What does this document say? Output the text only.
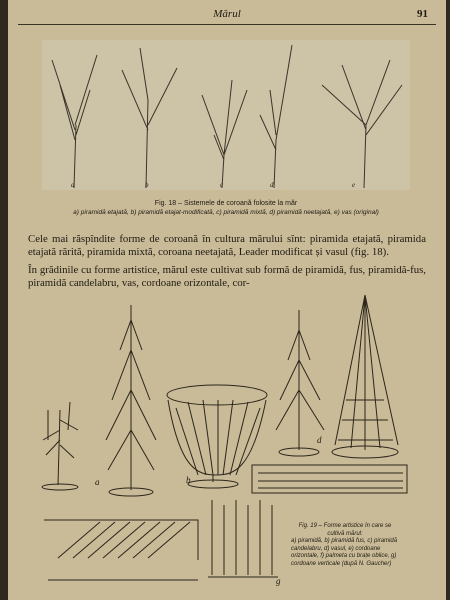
Mărul	91
a	b	c	d	e
Fig. 18 – Sistemele de coroană folosite la măr
a) piramidă etajată, b) piramidă etajat-modificată, c) piramidă mixtă, d) piramidă neetajată, e) vas (original)
Cele mai răspîndite forme de coroană în cultura mărului sînt: piramida etajată, piramida etajată rărită, piramida mixtă, coroana neetajată, Leader modificat și vasul (fig. 18).
În grădinile cu forme artistice, mărul este cultivat sub formă de piramidă, fus, piramidă-fus, piramidă candelabru, vas, cordoane orizontale, cor-
a	b
d
g
Fig. 19 – Forme artistice în care se cultivă mărul:
a) piramidă, b) piramidă fus, c) piramidă candelabru, d) vasul, e) cordoane orizontale, f) palmeta cu brațe oblice, g) cordoane verticale (după N. Gaucher)
